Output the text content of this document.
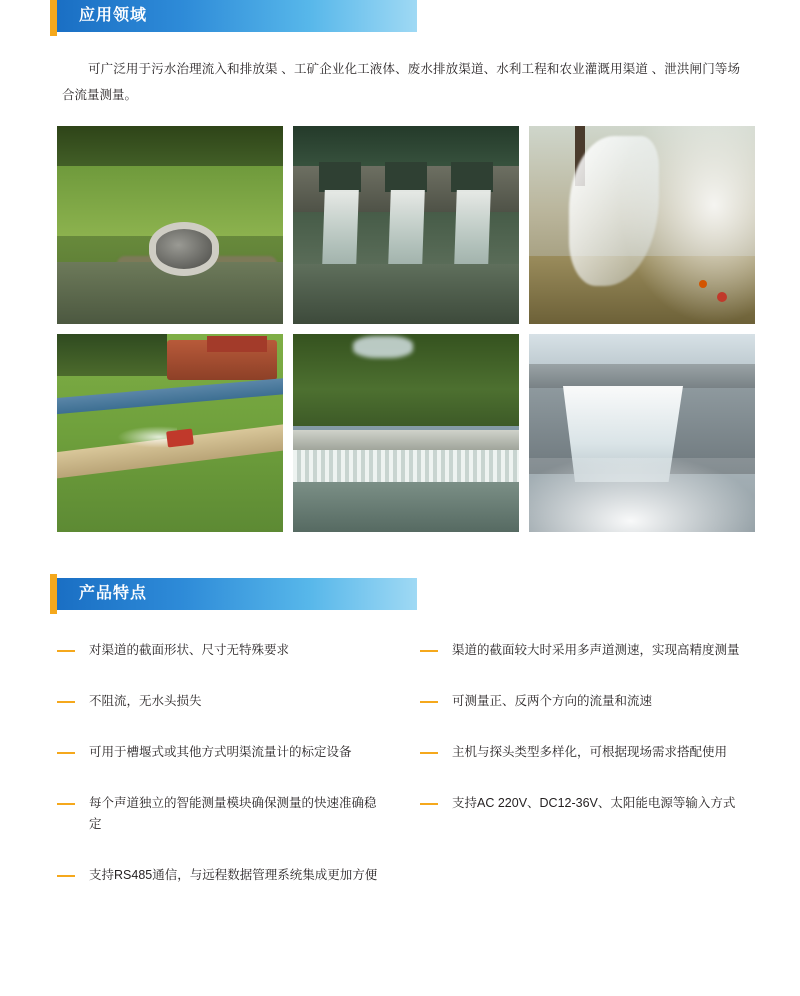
应用领域

可广泛用于污水治理流入和排放渠 、工矿企业化工液体、废水排放渠道、水利工程和农业灌溉用渠道 、泄洪闸门等场合流量测量。

产品特点
对渠道的截面形状、尺寸无特殊要求
不阻流，无水头损失
可用于槽堰式或其他方式明渠流量计的标定设备
每个声道独立的智能测量模块确保测量的快速准确稳定
支持RS485通信，与远程数据管理系统集成更加方便
渠道的截面较大时采用多声道测速，实现高精度测量
可测量正、反两个方向的流量和流速
主机与探头类型多样化，可根据现场需求搭配使用
支持AC 220V、DC12-36V、太阳能电源等输入方式
